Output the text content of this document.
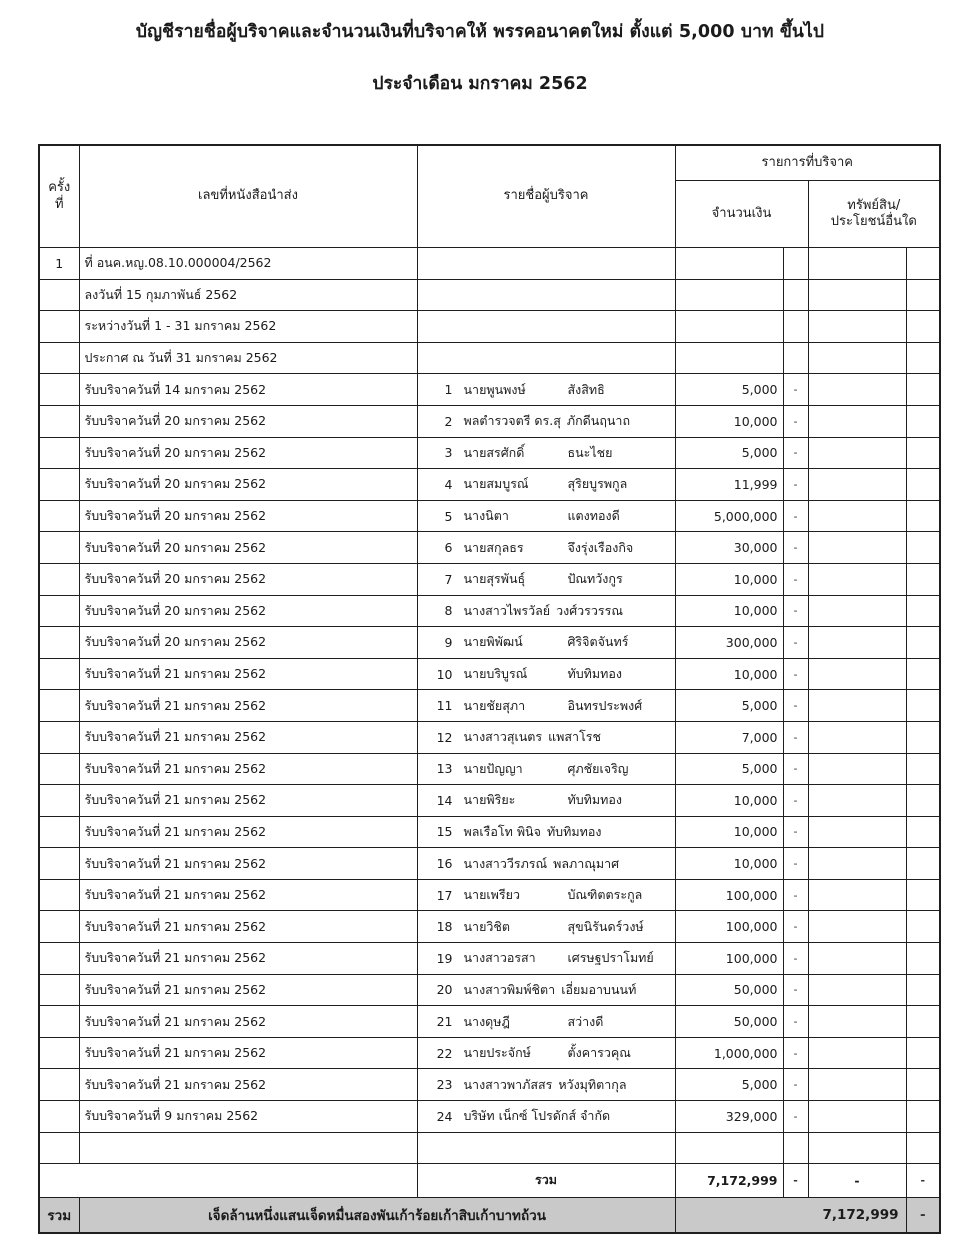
บัญชีรายชื่อผู้บริจาคและจำนวนเงินที่บริจาคให้ พรรคอนาคตใหม่ ตั้งแต่ 5,000 บาท ขึ้นไป
ประจำเดือน มกราคม 2562
ครั้งที่	เลขที่หนังสือนำส่ง	รายชื่อผู้บริจาค	รายการที่บริจาค			
			จำนวนเงิน		ทรัพย์สิน/
ประโยชน์อื่นใด	
1	ที่ อนค.หญ.08.10.000004/2562					
	ลงวันที่ 15 กุมภาพันธ์ 2562					
	ระหว่างวันที่ 1 - 31 มกราคม 2562					
	ประกาศ ณ วันที่ 31 มกราคม 2562					
	รับบริจาควันที่ 14 มกราคม 2562	1 นายพูนพงษ์ สังสิทธิ	5,000	-		
	รับบริจาควันที่ 20 มกราคม 2562	2 พลตำรวจตรี ดร.สุ ภักดีนฤนาถ	10,000	-		
	รับบริจาควันที่ 20 มกราคม 2562	3 นายสรศักดิ์ ธนะไชย	5,000	-		
	รับบริจาควันที่ 20 มกราคม 2562	4 นายสมบูรณ์ สุริยบูรพกูล	11,999	-		
	รับบริจาควันที่ 20 มกราคม 2562	5 นางนิตา แตงทองดี	5,000,000	-		
	รับบริจาควันที่ 20 มกราคม 2562	6 นายสกุลธร จึงรุ่งเรืองกิจ	30,000	-		
	รับบริจาควันที่ 20 มกราคม 2562	7 นายสุรพันธุ์ ปัณทวังกูร	10,000	-		
	รับบริจาควันที่ 20 มกราคม 2562	8 นางสาวไพรวัลย์ วงศ์วรวรรณ	10,000	-		
	รับบริจาควันที่ 20 มกราคม 2562	9 นายพิพัฒน์ ศิริจิตจันทร์	300,000	-		
	รับบริจาควันที่ 21 มกราคม 2562	10 นายบริบูรณ์ ทับทิมทอง	10,000	-		
	รับบริจาควันที่ 21 มกราคม 2562	11 นายชัยสุภา อินทรประพงศ์	5,000	-		
	รับบริจาควันที่ 21 มกราคม 2562	12 นางสาวสุเนตร แพสาโรช	7,000	-		
	รับบริจาควันที่ 21 มกราคม 2562	13 นายปัญญา ศุภชัยเจริญ	5,000	-		
	รับบริจาควันที่ 21 มกราคม 2562	14 นายพิริยะ ทับทิมทอง	10,000	-		
	รับบริจาควันที่ 21 มกราคม 2562	15 พลเรือโท พินิจ ทับทิมทอง	10,000	-		
	รับบริจาควันที่ 21 มกราคม 2562	16 นางสาววีรภรณ์ พลภาณุมาศ	10,000	-		
	รับบริจาควันที่ 21 มกราคม 2562	17 นายเพรียว บัณฑิตตระกูล	100,000	-		
	รับบริจาควันที่ 21 มกราคม 2562	18 นายวิชิต สุขนิรันดร์วงษ์	100,000	-		
	รับบริจาควันที่ 21 มกราคม 2562	19 นางสาวอรสา เศรษฐปราโมทย์	100,000	-		
	รับบริจาควันที่ 21 มกราคม 2562	20 นางสาวพิมพ์ชิตา เอี่ยมอาบนนท์	50,000	-		
	รับบริจาควันที่ 21 มกราคม 2562	21 นางดุษฎี สว่างดี	50,000	-		
	รับบริจาควันที่ 21 มกราคม 2562	22 นายประจักษ์ ตั้งคารวคุณ	1,000,000	-		
	รับบริจาควันที่ 21 มกราคม 2562	23 นางสาวพาภัสสร หวังมุทิตากุล	5,000	-		
	รับบริจาควันที่ 9 มกราคม 2562	24 บริษัท เน็กซ์ โปรดักส์ จำกัด	329,000	-		

		รวม	7,172,999	-	-	-
รวม	เจ็ดล้านหนึ่งแสนเจ็ดหมื่นสองพันเก้าร้อยเก้าสิบเก้าบาทถ้วน		7,172,999			-
